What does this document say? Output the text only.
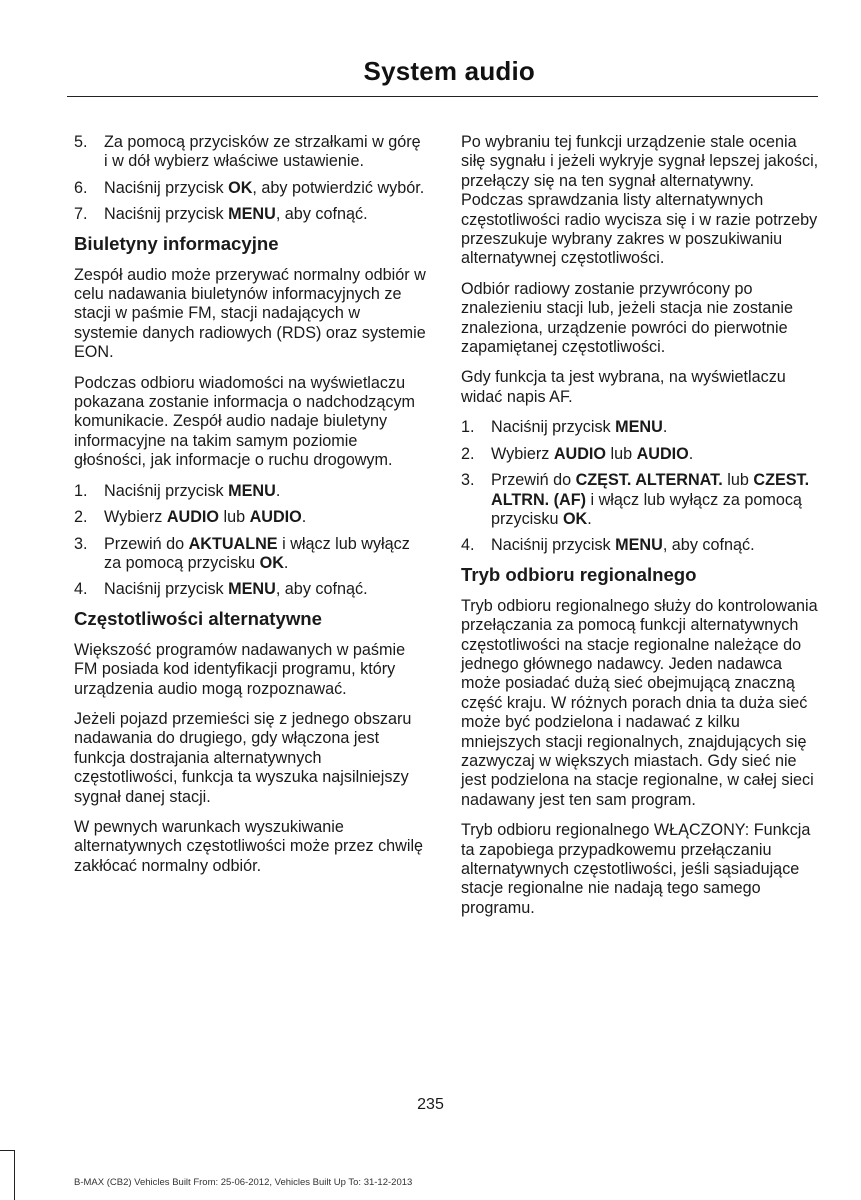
System audio
5.	Za pomocą przycisków ze strzałkami w górę i w dół wybierz właściwe ustawienie.
6.	Naciśnij przycisk OK, aby potwierdzić wybór.
7.	Naciśnij przycisk MENU, aby cofnąć.
Biuletyny informacyjne

Zespół audio może przerywać normalny odbiór w celu nadawania biuletynów informacyjnych ze stacji w paśmie FM, stacji nadających w systemie danych radiowych (RDS) oraz systemie EON.

Podczas odbioru wiadomości na wyświetlaczu pokazana zostanie informacja o nadchodzącym komunikacie. Zespół audio nadaje biuletyny informacyjne na takim samym poziomie głośności, jak informacje o ruchu drogowym.

1.	Naciśnij przycisk MENU.
2.	Wybierz AUDIO lub AUDIO.
3.	Przewiń do AKTUALNE i włącz lub wyłącz za pomocą przycisku OK.
4.	Naciśnij przycisk MENU, aby cofnąć.
Częstotliwości alternatywne

Większość programów nadawanych w paśmie FM posiada kod identyfikacji programu, który urządzenia audio mogą rozpoznawać.

Jeżeli pojazd przemieści się z jednego obszaru nadawania do drugiego, gdy włączona jest funkcja dostrajania alternatywnych częstotliwości, funkcja ta wyszuka najsilniejszy sygnał danej stacji.

W pewnych warunkach wyszukiwanie alternatywnych częstotliwości może przez chwilę zakłócać normalny odbiór.

Po wybraniu tej funkcji urządzenie stale ocenia siłę sygnału i jeżeli wykryje sygnał lepszej jakości, przełączy się na ten sygnał alternatywny. Podczas sprawdzania listy alternatywnych częstotliwości radio wycisza się i w razie potrzeby przeszukuje wybrany zakres w poszukiwaniu alternatywnej częstotliwości.

Odbiór radiowy zostanie przywrócony po znalezieniu stacji lub, jeżeli stacja nie zostanie znaleziona, urządzenie powróci do pierwotnie zapamiętanej częstotliwości.

Gdy funkcja ta jest wybrana, na wyświetlaczu widać napis AF.

1.	Naciśnij przycisk MENU.
2.	Wybierz AUDIO lub AUDIO.
3.	Przewiń do CZĘST. ALTERNAT. lub CZEST. ALTRN. (AF) i włącz lub wyłącz za pomocą przycisku OK.
4.	Naciśnij przycisk MENU, aby cofnąć.
Tryb odbioru regionalnego

Tryb odbioru regionalnego służy do kontrolowania przełączania za pomocą funkcji alternatywnych częstotliwości na stacje regionalne należące do jednego głównego nadawcy. Jeden nadawca może posiadać dużą sieć obejmującą znaczną część kraju. W różnych porach dnia ta duża sieć może być podzielona i nadawać z kilku mniejszych stacji regionalnych, znajdujących się zazwyczaj w większych miastach. Gdy sieć nie jest podzielona na stacje regionalne, w całej sieci nadawany jest ten sam program.

Tryb odbioru regionalnego WŁĄCZONY: Funkcja ta zapobiega przypadkowemu przełączaniu alternatywnych częstotliwości, jeśli sąsiadujące stacje regionalne nie nadają tego samego programu.

235
B-MAX (CB2) Vehicles Built From: 25-06-2012, Vehicles Built Up To: 31-12-2013
